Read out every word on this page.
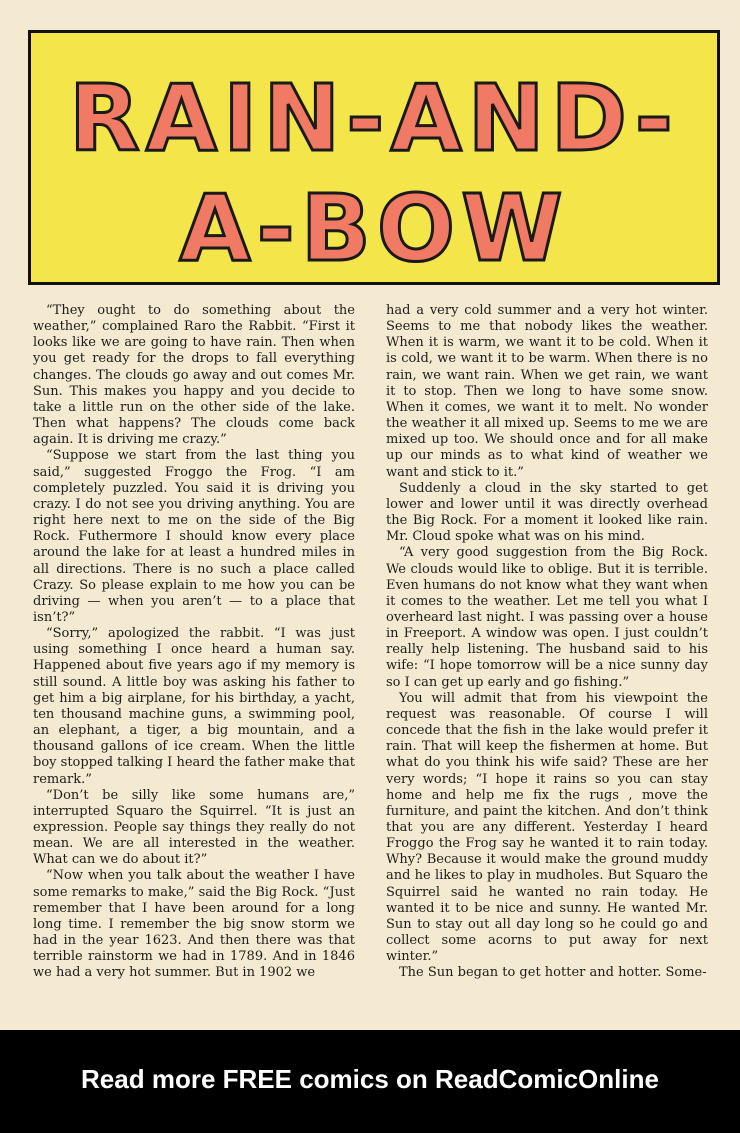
RAIN-AND-
A-BOW

“They ought to do something about the weather,” complained Raro the Rabbit. “First it looks like we are going to have rain. Then when you get ready for the drops to fall everything changes. The clouds go away and out comes Mr. Sun. This makes you happy and you decide to take a little run on the other side of the lake. Then what happens? The clouds come back again. It is driving me crazy.”

“Suppose we start from the last thing you said,” suggested Froggo the Frog. “I am completely puzzled. You said it is driving you crazy. I do not see you driving anything. You are right here next to me on the side of the Big Rock. Futhermore I should know every place around the lake for at least a hundred miles in all directions. There is no such a place called Crazy. So please explain to me how you can be driving — when you aren’t — to a place that isn’t?”

“Sorry,” apologized the rabbit. “I was just using something I once heard a human say. Happened about five years ago if my memory is still sound. A little boy was asking his father to get him a big airplane, for his birthday, a yacht, ten thousand machine guns, a swimming pool, an elephant, a tiger, a big mountain, and a thousand gallons of ice cream. When the little boy stopped talking I heard the father make that remark.”

“Don’t be silly like some humans are,” interrupted Squaro the Squirrel. “It is just an expression. People say things they really do not mean. We are all interested in the weather. What can we do about it?”

“Now when you talk about the weather I have some remarks to make,” said the Big Rock. “Just remember that I have been around for a long long time. I remember the big snow storm we had in the year 1623. And then there was that terrible rainstorm we had in 1789. And in 1846 we had a very hot summer. But in 1902 we

had a very cold summer and a very hot winter. Seems to me that nobody likes the weather. When it is warm, we want it to be cold. When it is cold, we want it to be warm. When there is no rain, we want rain. When we get rain, we want it to stop. Then we long to have some snow. When it comes, we want it to melt. No wonder the weather it all mixed up. Seems to me we are mixed up too. We should once and for all make up our minds as to what kind of weather we want and stick to it.”

Suddenly a cloud in the sky started to get lower and lower until it was directly overhead the Big Rock. For a moment it looked like rain. Mr. Cloud spoke what was on his mind.

“A very good suggestion from the Big Rock. We clouds would like to oblige. But it is terrible. Even humans do not know what they want when it comes to the weather. Let me tell you what I overheard last night. I was passing over a house in Freeport. A window was open. I just couldn’t really help listening. The husband said to his wife: “I hope tomorrow will be a nice sunny day so I can get up early and go fishing.”

You will admit that from his viewpoint the request was reasonable. Of course I will concede that the fish in the lake would prefer it rain. That will keep the fishermen at home. But what do you think his wife said? These are her very words; “I hope it rains so you can stay home and help me fix the rugs , move the furniture, and paint the kitchen. And don’t think that you are any different. Yesterday I heard Froggo the Frog say he wanted it to rain today. Why? Because it would make the ground muddy and he likes to play in mudholes. But Squaro the Squirrel said he wanted no rain today. He wanted it to be nice and sunny. He wanted Mr. Sun to stay out all day long so he could go and collect some acorns to put away for next winter.”

The Sun began to get hotter and hotter. Some-

Read more FREE comics on ReadComicOnline
